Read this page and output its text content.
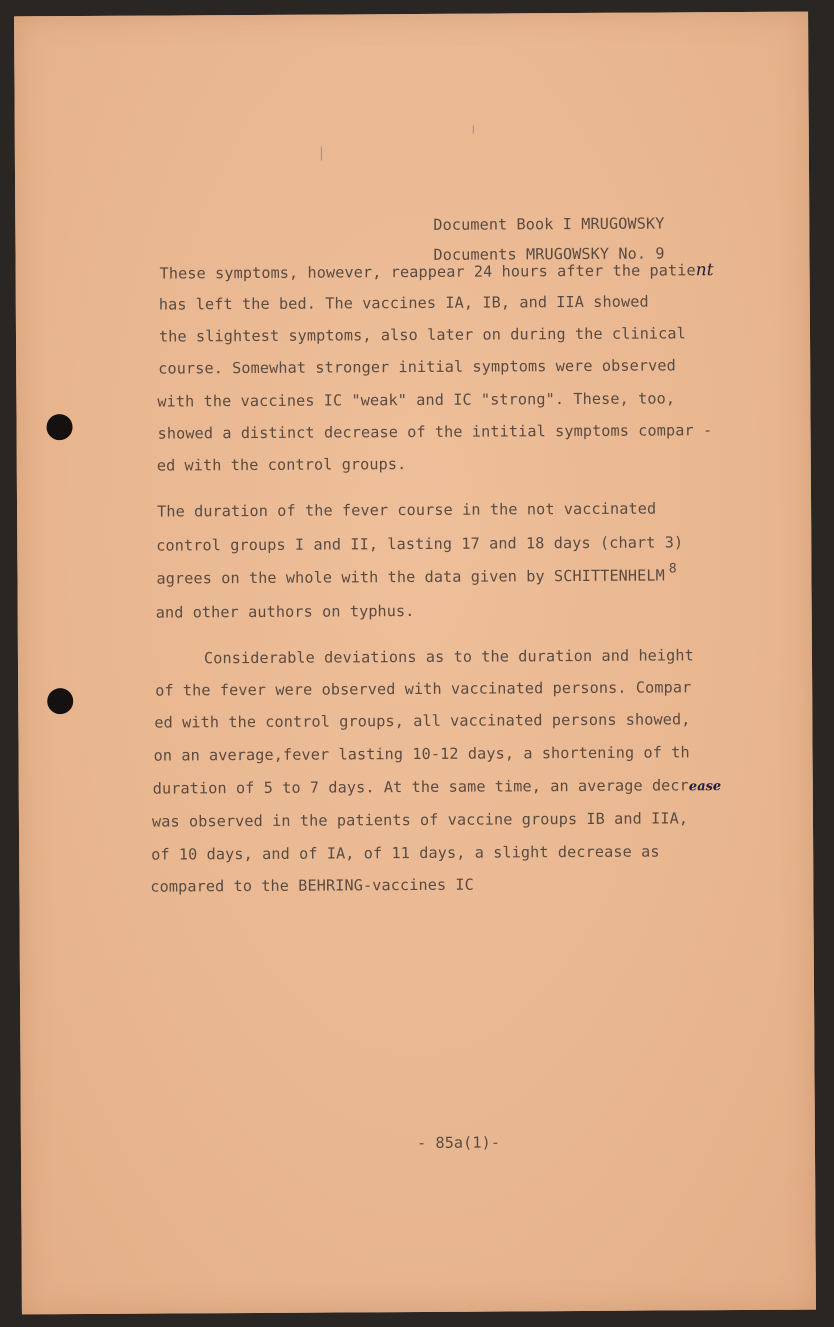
Document Book I MRUGOWSKY
Documents MRUGOWSKY No. 9
These symptoms, however, reappear 24 hours after the patient
has left the bed. The vaccines IA, IB, and IIA showed
the slightest symptoms, also later on during the clinical
course. Somewhat stronger initial symptoms were observed
with the vaccines IC "weak" and IC "strong". These, too,
showed a distinct decrease of the intitial symptoms compar -
ed with the control groups.
The duration of the fever course in the not vaccinated
control groups I and II, lasting 17 and 18 days (chart 3)
agrees on the whole with the data given by SCHITTENHELM $^8$
and other authors on typhus.
Considerable deviations as to the duration and height
of the fever were observed with vaccinated persons. Compar
ed with the control groups, all vaccinated persons showed,
on an average,fever lasting 10-12 days, a shortening of th
duration of 5 to 7 days. At the same time, an average decrease
was observed in the patients of vaccine groups IB and IIA,
of 10 days, and of IA, of 11 days, a slight decrease as
compared to the BEHRING-vaccines IC
- 85a(1)-
